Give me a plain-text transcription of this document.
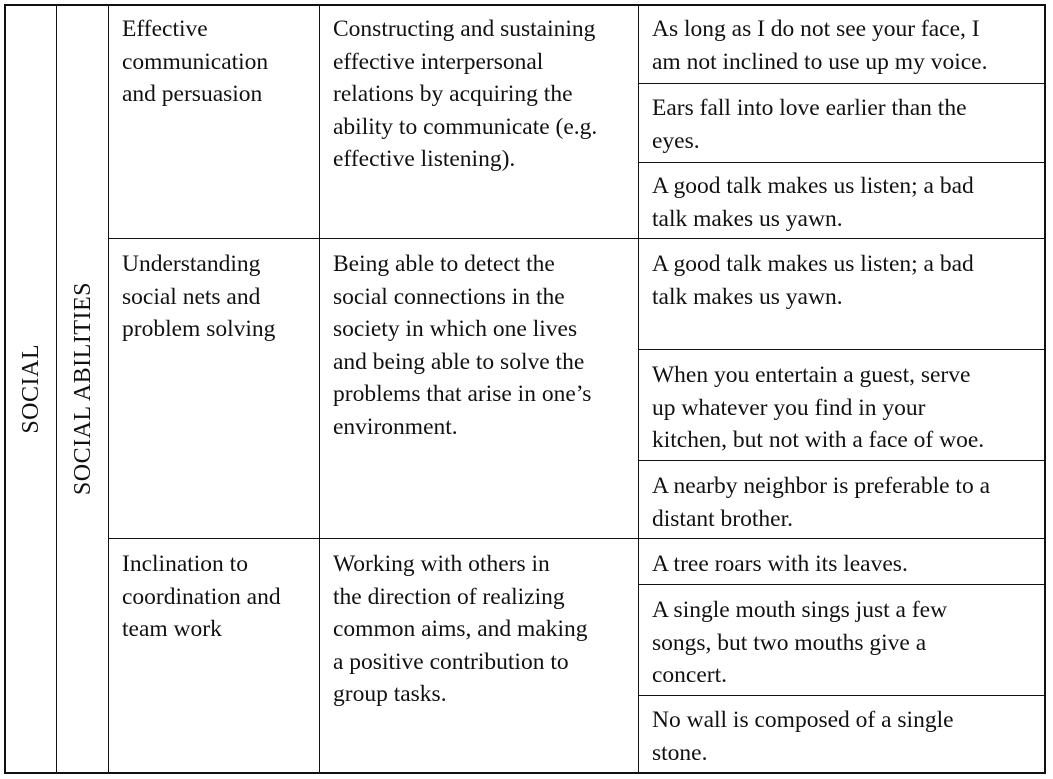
SOCIAL SOCIAL ABILITIES
Effective
communication
and persuasion
Constructing and sustaining
effective interpersonal
relations by acquiring the
ability to communicate (e.g.
effective listening).
As long as I do not see your face, I
am not inclined to use up my voice.
Ears fall into love earlier than the
eyes.
A good talk makes us listen; a bad
talk makes us yawn.
Understanding
social nets and
problem solving
Being able to detect the
social connections in the
society in which one lives
and being able to solve the
problems that arise in one’s
environment.
A good talk makes us listen; a bad
talk makes us yawn.
When you entertain a guest, serve
up whatever you find in your
kitchen, but not with a face of woe.
A nearby neighbor is preferable to a
distant brother.
Inclination to
coordination and
team work
Working with others in
the direction of realizing
common aims, and making
a positive contribution to
group tasks.
A tree roars with its leaves.
A single mouth sings just a few
songs, but two mouths give a
concert.
No wall is composed of a single
stone.
